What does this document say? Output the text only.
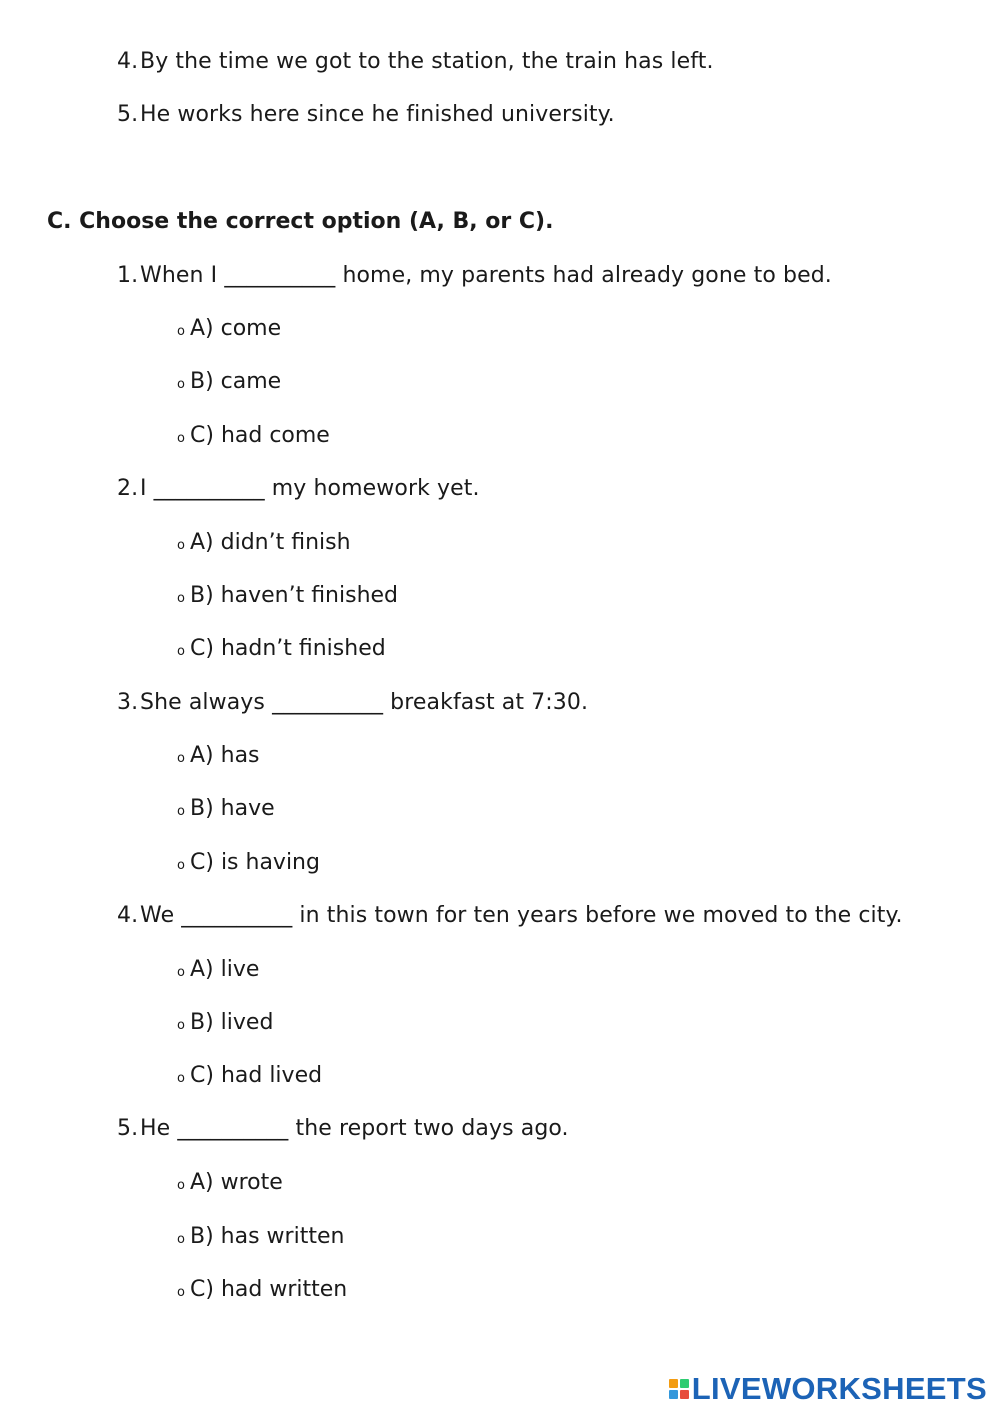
4.By the time we got to the station, the train has left.
5.He works here since he finished university.
C. Choose the correct option (A, B, or C).
1.When I __________ home, my parents had already gone to bed.
o A) come
o B) came
o C) had come
2.I __________ my homework yet.
o A) didn’t finish
o B) haven’t finished
o C) hadn’t finished
3.She always __________ breakfast at 7:30.
o A) has
o B) have
o C) is having
4.We __________ in this town for ten years before we moved to the city.
o A) live
o B) lived
o C) had lived
5.He __________ the report two days ago.
o A) wrote
o B) has written
o C) had written
LIVEWORKSHEETS
